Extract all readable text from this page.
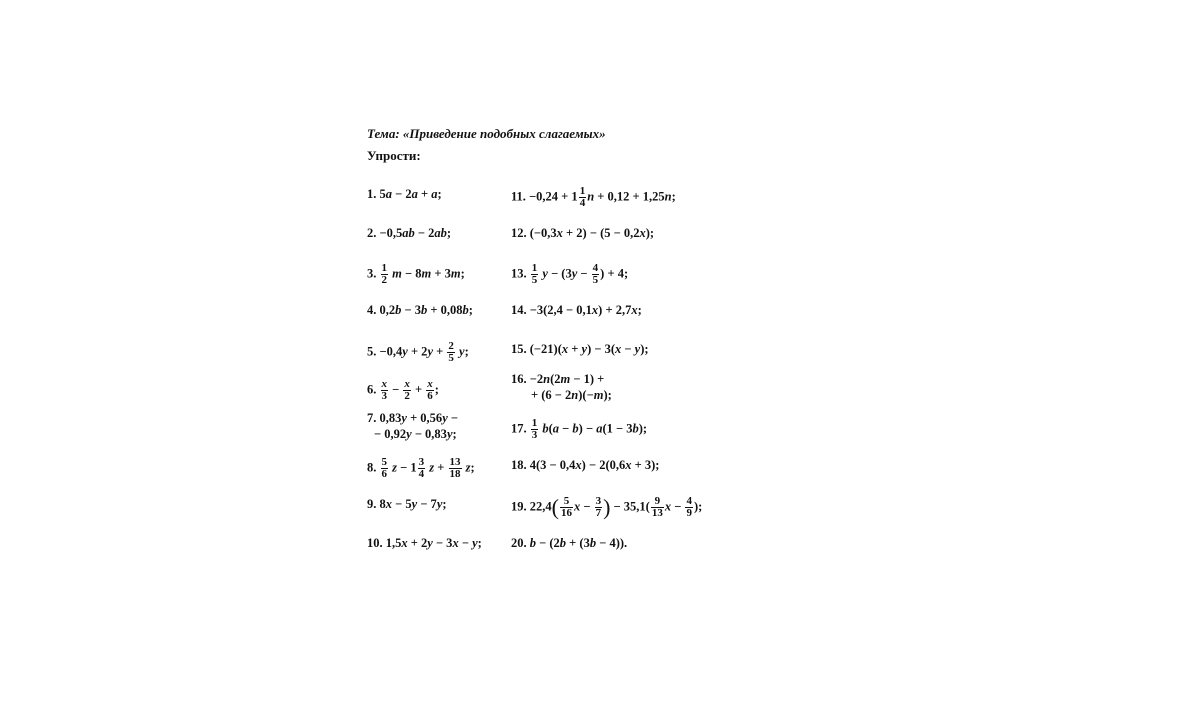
Тема: «Приведение подобных слагаемых»
Упрости:
1. 5a − 2a + a;
2. −0,5ab − 2ab;
3. $\frac{1}{2}$ m − 8m + 3m;
4. 0,2b − 3b + 0,08b;
5. $-0,4y + 2y + \frac{2}{5} y$;
6. $\frac{x}{3} - \frac{x}{2} + \frac{x}{6}$ ;
7. 0,83y + 0,56y −
− 0,92y − 0,83y;
8. $\frac{5}{6}$ $z - 1 \frac{3}{4}$ $z + \frac{13}{18} z$;
9. 8x − 5y − 7y;
10. 1,5x + 2y − 3x − y;
11. $-0,24 + 1 \frac{1}{4}$ n + 0,12 + 1,25n;
12. (−0,3x + 2) − (5 − 0,2x);
13. $\frac{1}{5}$ $y - (3y - \frac{4}{5}$ ) + 4;
14. −3(2,4 − 0,1x) + 2,7x;
15. (−21)(x + y) − 3(x − y);
16. −2n(2m − 1) +
+ (6 − 2n)(−m);
17. $\frac{1}{3} b(a - b) - a(1 - 3b)$;
18. 4(3 − 0,4x) − 2(0,6x + 3);
19. $22,4( \frac{5}{16}$ $x - \frac{3}{7}$ ) − $35,1( \frac{9}{13}$ $x - \frac{4}{9}$ );
20. b − (2b + (3b − 4)).
